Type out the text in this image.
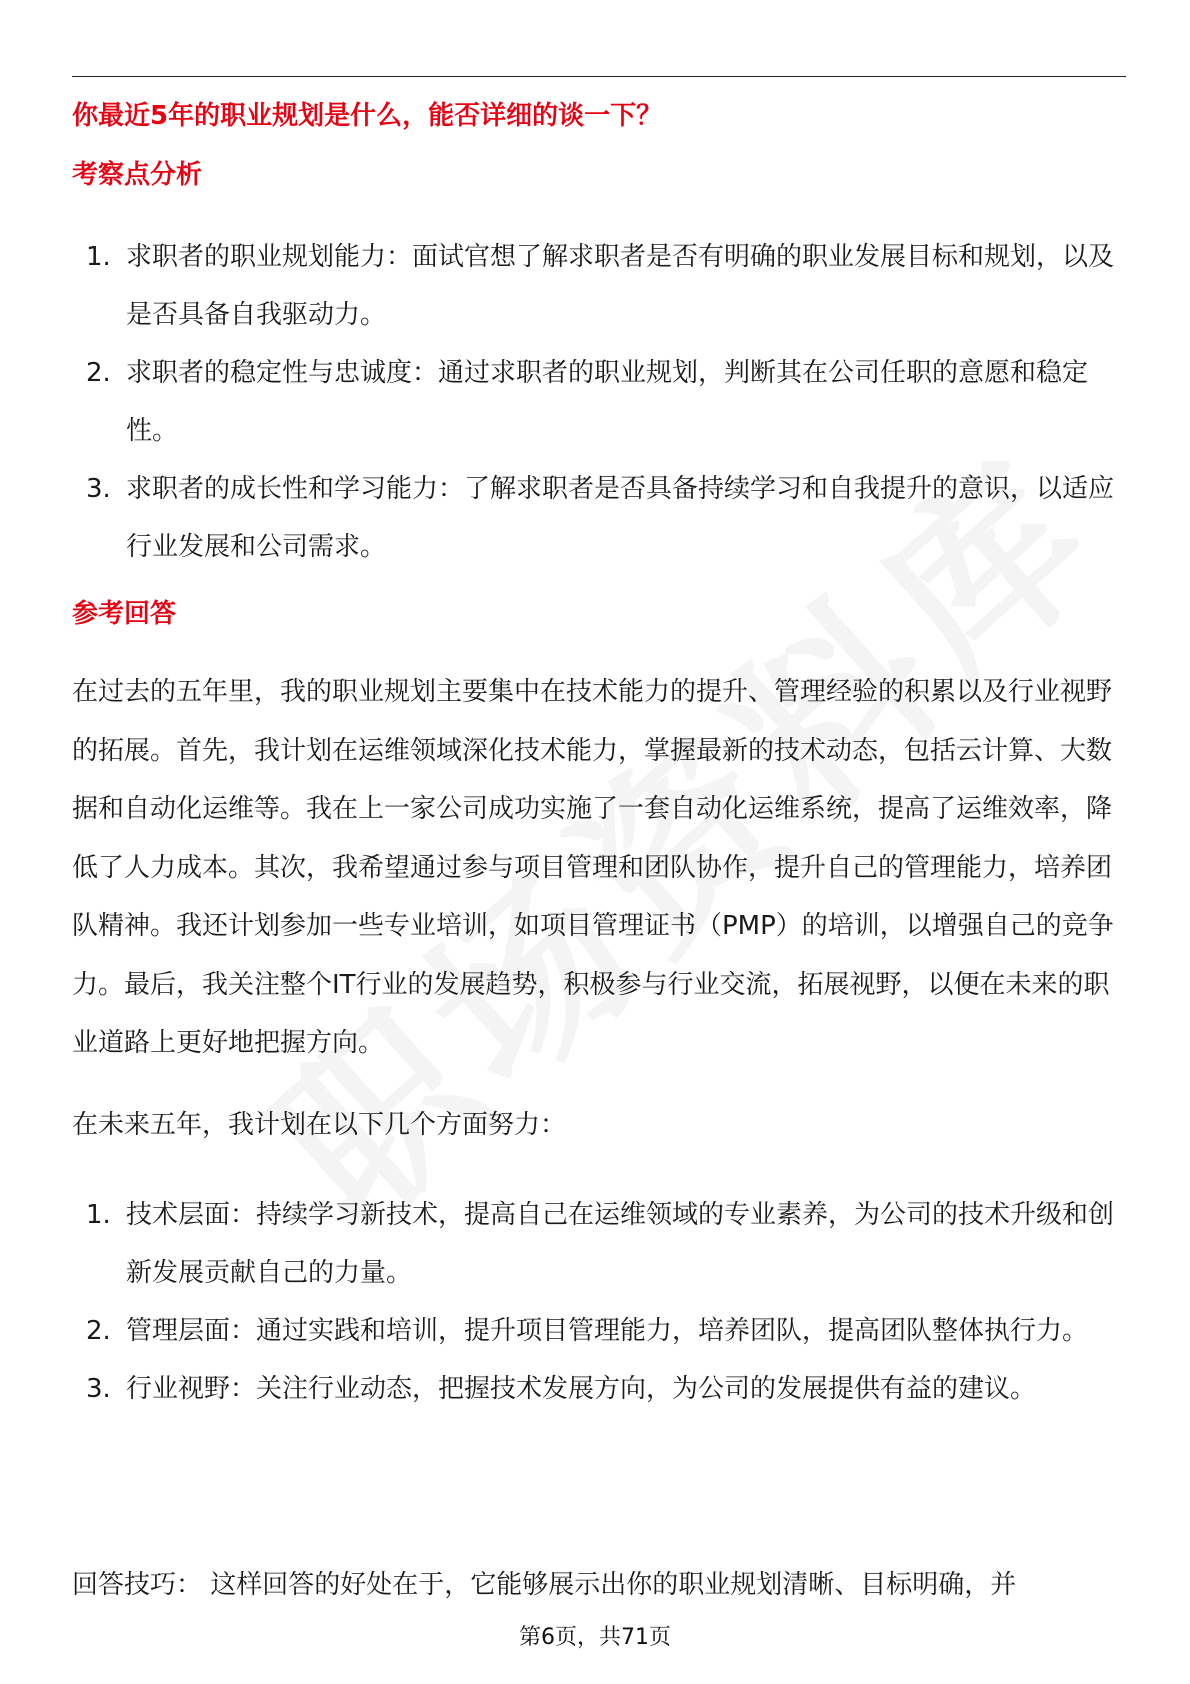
你最近5年的职业规划是什么，能否详细的谈一下？
考察点分析
1. 求职者的职业规划能力：面试官想了解求职者是否有明确的职业发展目标和规划，以及是否具备自我驱动力。
2. 求职者的稳定性与忠诚度：通过求职者的职业规划，判断其在公司任职的意愿和稳定性。
3. 求职者的成长性和学习能力：了解求职者是否具备持续学习和自我提升的意识，以适应行业发展和公司需求。
参考回答

在过去的五年里，我的职业规划主要集中在技术能力的提升、管理经验的积累以及行业视野的拓展。首先，我计划在运维领域深化技术能力，掌握最新的技术动态，包括云计算、大数据和自动化运维等。我在上一家公司成功实施了一套自动化运维系统，提高了运维效率，降低了人力成本。其次，我希望通过参与项目管理和团队协作，提升自己的管理能力，培养团队精神。我还计划参加一些专业培训，如项目管理证书（PMP）的培训，以增强自己的竞争力。最后，我关注整个IT行业的发展趋势，积极参与行业交流，拓展视野，以便在未来的职业道路上更好地把握方向。

在未来五年，我计划在以下几个方面努力：

1. 技术层面：持续学习新技术，提高自己在运维领域的专业素养，为公司的技术升级和创新发展贡献自己的力量。
2. 管理层面：通过实践和培训，提升项目管理能力，培养团队，提高团队整体执行力。
3. 行业视野：关注行业动态，把握技术发展方向，为公司的发展提供有益的建议。

回答技巧： 这样回答的好处在于，它能够展示出你的职业规划清晰、目标明确，并

第6页，共71页
